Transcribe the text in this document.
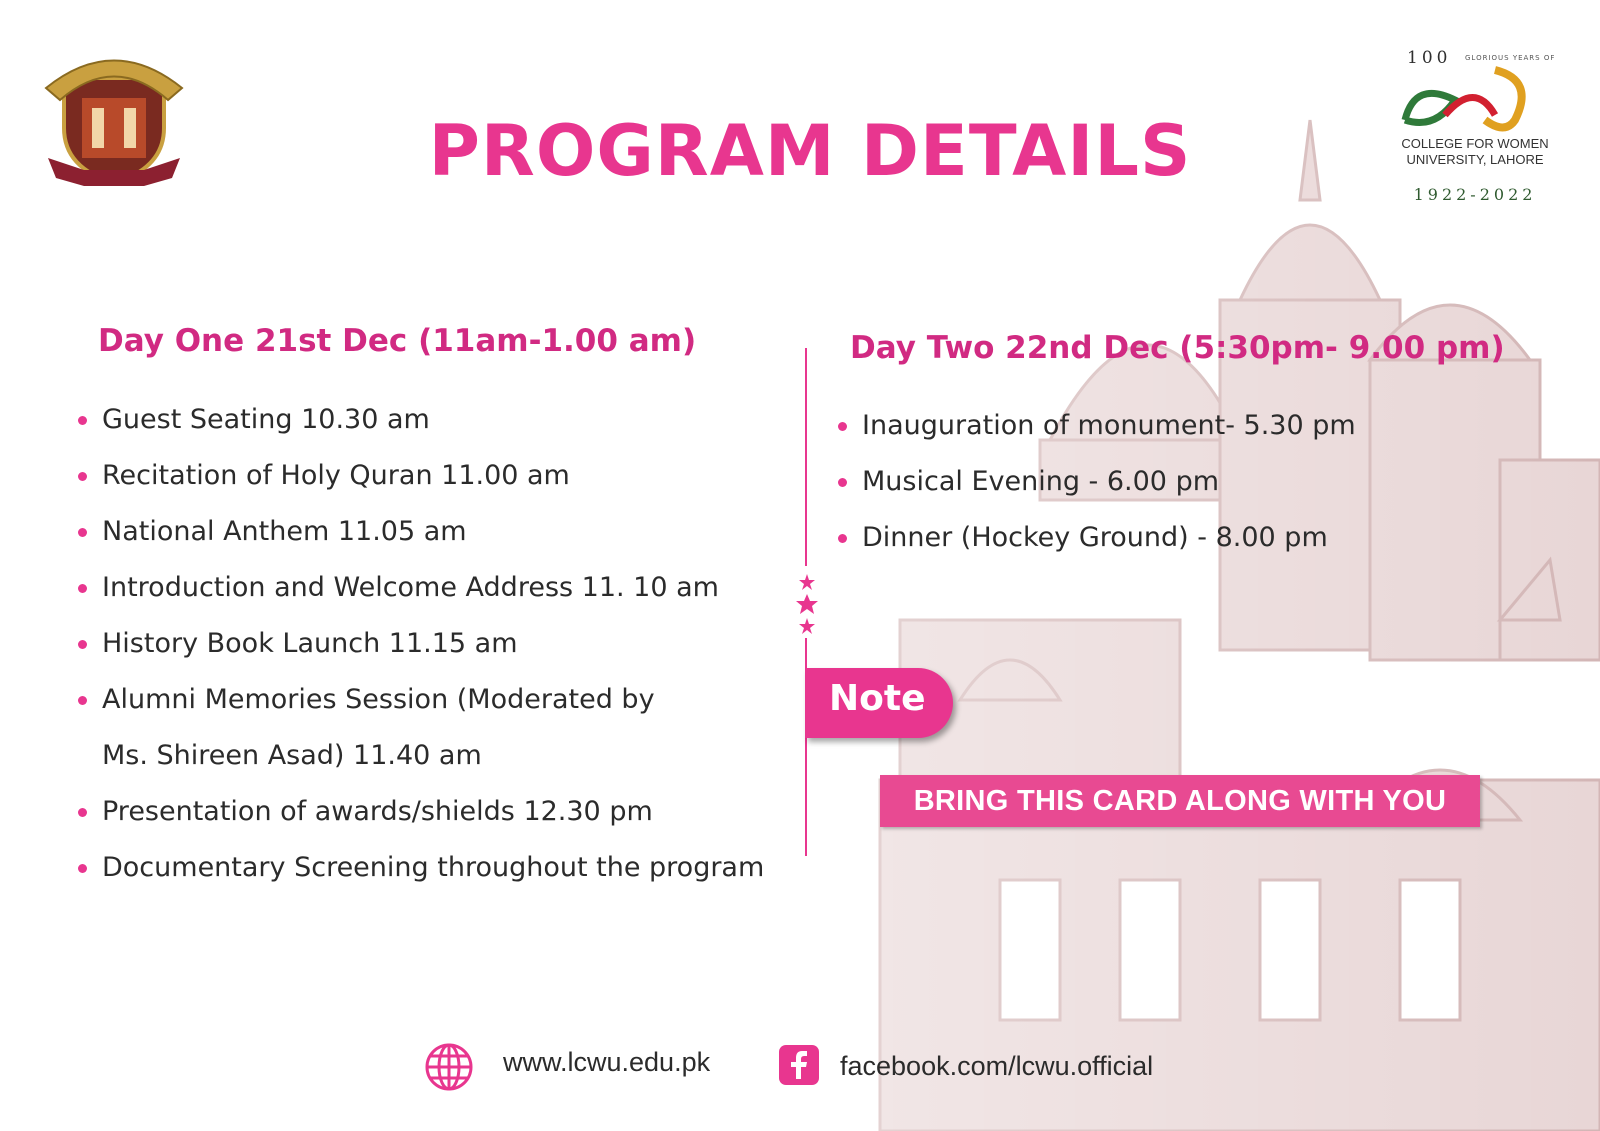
100 GLORIOUS YEARS OF
COLLEGE FOR WOMEN UNIVERSITY, LAHORE
1922-2022
PROGRAM DETAILS
Day One 21st Dec (11am-1.00 am)
Guest Seating 10.30 am
Recitation of Holy Quran 11.00 am
National Anthem 11.05 am
Introduction and Welcome Address 11. 10 am
History Book Launch 11.15 am
Alumni Memories Session (Moderated by
Ms. Shireen Asad) 11.40 am
Presentation of awards/shields 12.30 pm
Documentary Screening throughout the program
Day Two 22nd Dec (5:30pm- 9.00 pm)
Inauguration of monument- 5.30 pm
Musical Evening - 6.00 pm
Dinner (Hockey Ground) - 8.00 pm
Note
BRING THIS CARD ALONG WITH YOU
www.lcwu.edu.pk	facebook.com/lcwu.official
